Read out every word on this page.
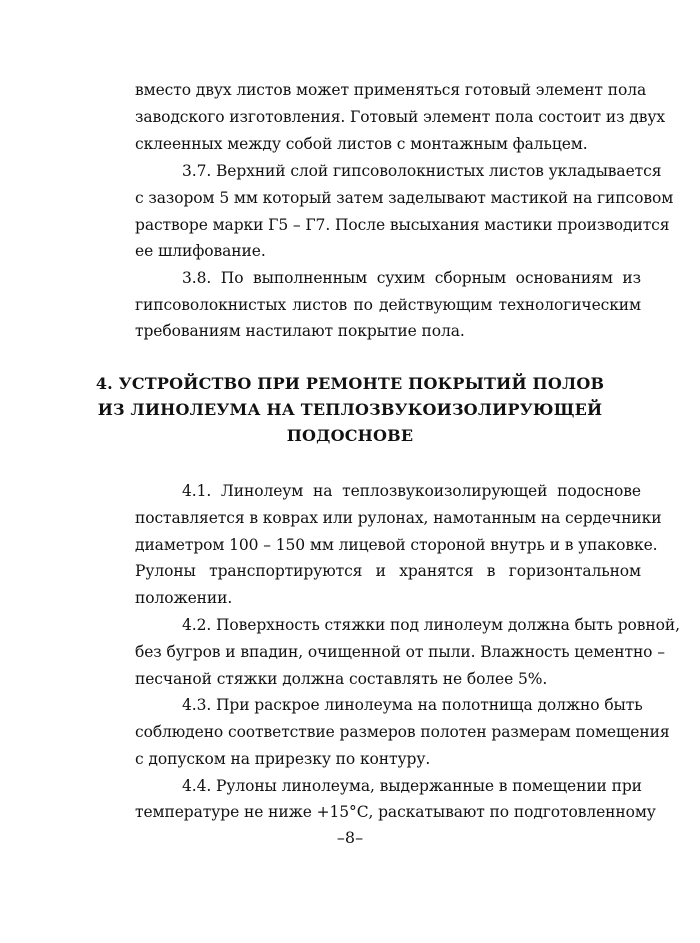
вместо двух листов может применяться готовый элемент пола
заводского изготовления. Готовый элемент пола состоит из двух
склеенных между собой листов с монтажным фальцем.
3.7. Верхний слой гипсоволокнистых листов укладывается
с зазором 5 мм который затем заделывают мастикой на гипсовом
растворе марки Г5 – Г7. После высыхания мастики производится
ее шлифование.
3.8. По выполненным сухим сборным основаниям из
гипсоволокнистых листов по действующим технологическим
требованиям настилают покрытие пола.
4. УСТРОЙСТВО ПРИ РЕМОНТЕ ПОКРЫТИЙ ПОЛОВ
ИЗ ЛИНОЛЕУМА НА ТЕПЛОЗВУКОИЗОЛИРУЮЩЕЙ
ПОДОСНОВЕ
4.1. Линолеум на теплозвукоизолирующей подоснове
поставляется в коврах или рулонах, намотанным на сердечники
диаметром 100 – 150 мм лицевой стороной внутрь и в упаковке.
Рулоны транспортируются и хранятся в горизонтальном
положении.
4.2. Поверхность стяжки под линолеум должна быть ровной,
без бугров и впадин, очищенной от пыли. Влажность цементно –
песчаной стяжки должна составлять не более 5%.
4.3. При раскрое линолеума на полотнища должно быть
соблюдено соответствие размеров полотен размерам помещения
с допуском на прирезку по контуру.
4.4. Рулоны линолеума, выдержанные в помещении при
температуре не ниже +15°С, раскатывают по подготовленному
–8–
